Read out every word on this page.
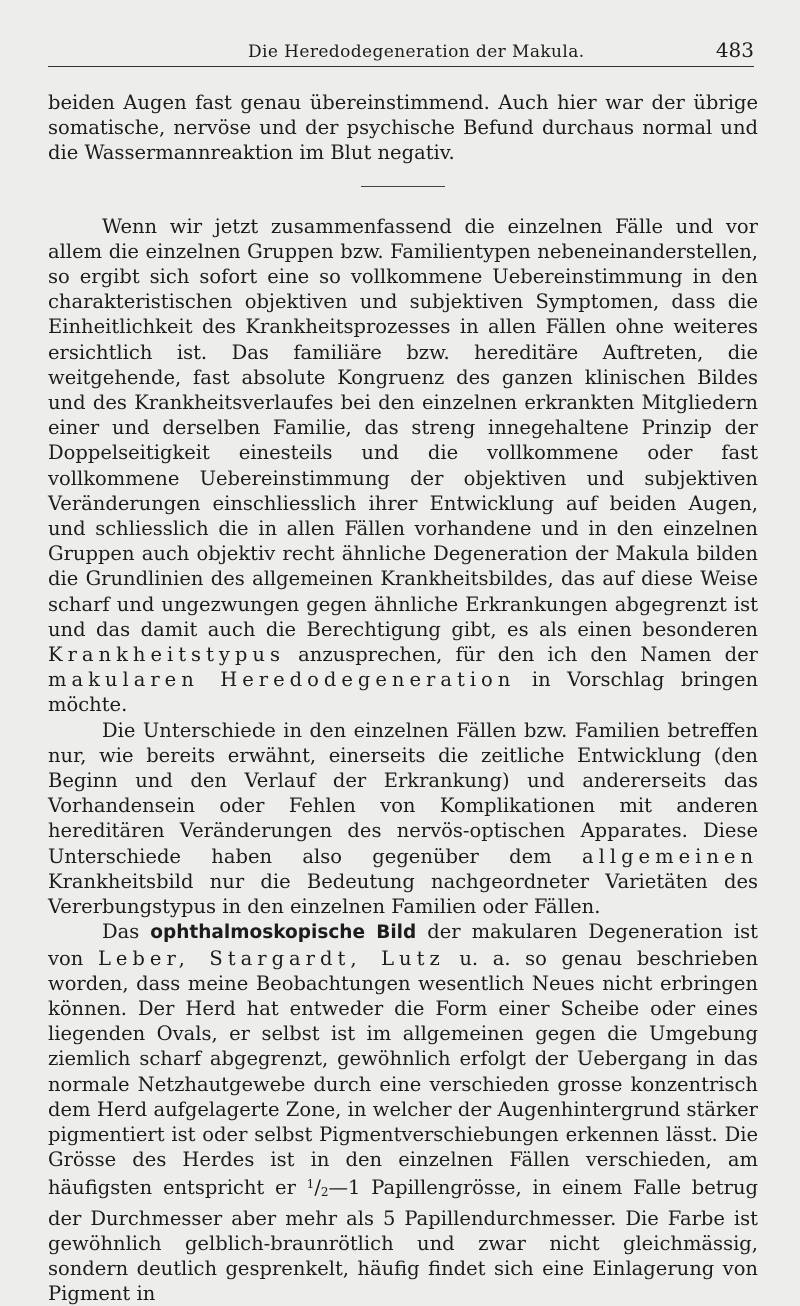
Die Heredodegeneration der Makula.	483

beiden Augen fast genau übereinstimmend. Auch hier war der übrige somatische, nervöse und der psychische Befund durchaus normal und die Wassermannreaktion im Blut negativ.

Wenn wir jetzt zusammenfassend die einzelnen Fälle und vor allem die einzelnen Gruppen bzw. Familientypen nebeneinanderstellen, so ergibt sich sofort eine so vollkommene Uebereinstimmung in den charakteristischen objektiven und subjektiven Symptomen, dass die Einheitlichkeit des Krankheitsprozesses in allen Fällen ohne weiteres ersichtlich ist. Das familiäre bzw. hereditäre Auftreten, die weitgehende, fast absolute Kongruenz des ganzen klinischen Bildes und des Krankheitsverlaufes bei den einzelnen erkrankten Mitgliedern einer und derselben Familie, das streng innegehaltene Prinzip der Doppelseitigkeit einesteils und die vollkommene oder fast vollkommene Uebereinstimmung der objektiven und subjektiven Veränderungen einschliesslich ihrer Entwicklung auf beiden Augen, und schliesslich die in allen Fällen vorhandene und in den einzelnen Gruppen auch objektiv recht ähnliche Degeneration der Makula bilden die Grundlinien des allgemeinen Krankheitsbildes, das auf diese Weise scharf und ungezwungen gegen ähnliche Erkrankungen abgegrenzt ist und das damit auch die Berechtigung gibt, es als einen besonderen Krankheitstypus anzusprechen, für den ich den Namen der makularen Heredodegeneration in Vorschlag bringen möchte.

Die Unterschiede in den einzelnen Fällen bzw. Familien betreffen nur, wie bereits erwähnt, einerseits die zeitliche Entwicklung (den Beginn und den Verlauf der Erkrankung) und andererseits das Vorhandensein oder Fehlen von Komplikationen mit anderen hereditären Veränderungen des nervös-optischen Apparates. Diese Unterschiede haben also gegenüber dem allgemeinen Krankheitsbild nur die Bedeutung nachgeordneter Varietäten des Vererbungstypus in den einzelnen Familien oder Fällen.

Das ophthalmoskopische Bild der makularen Degeneration ist von Leber, Stargardt, Lutz u. a. so genau beschrieben worden, dass meine Beobachtungen wesentlich Neues nicht erbringen können. Der Herd hat entweder die Form einer Scheibe oder eines liegenden Ovals, er selbst ist im allgemeinen gegen die Umgebung ziemlich scharf abgegrenzt, gewöhnlich erfolgt der Uebergang in das normale Netzhautgewebe durch eine verschieden grosse konzentrisch dem Herd aufgelagerte Zone, in welcher der Augenhintergrund stärker pigmentiert ist oder selbst Pigmentverschiebungen erkennen lässt. Die Grösse des Herdes ist in den einzelnen Fällen verschieden, am häufigsten entspricht er $^1$/2—1 Papillengrösse, in einem Falle betrug der Durchmesser aber mehr als 5 Papillendurchmesser. Die Farbe ist gewöhnlich gelblich-braunrötlich und zwar nicht gleichmässig, sondern deutlich gesprenkelt, häufig findet sich eine Einlagerung von Pigment in
